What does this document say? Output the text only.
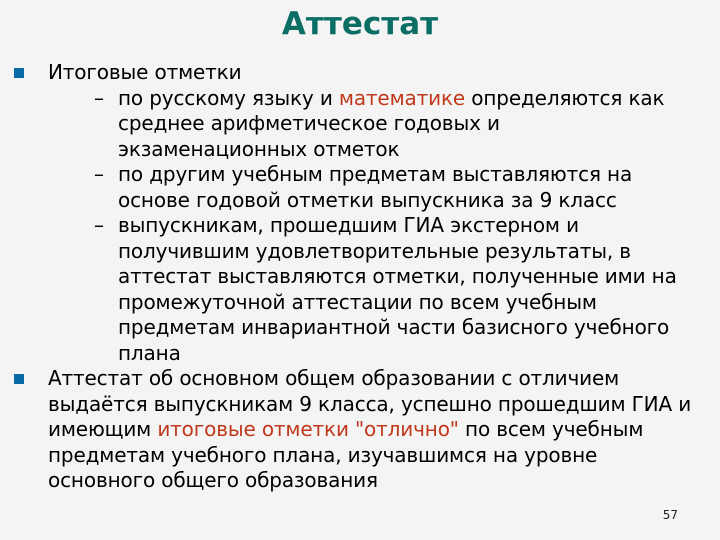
Аттестат
Итоговые отметки
– по русскому языку и математике определяются как среднее арифметическое годовых и экзаменационных отметок
– по другим учебным предметам выставляются на основе годовой отметки выпускника за 9 класс
– выпускникам, прошедшим ГИА экстерном и получившим удовлетворительные результаты, в аттестат выставляются отметки, полученные ими на промежуточной аттестации по всем учебным предметам инвариантной части базисного учебного плана
Аттестат об основном общем образовании с отличием выдаётся выпускникам 9 класса, успешно прошедшим ГИА и имеющим итоговые отметки "отлично" по всем учебным предметам учебного плана, изучавшимся на уровне основного общего образования
57
